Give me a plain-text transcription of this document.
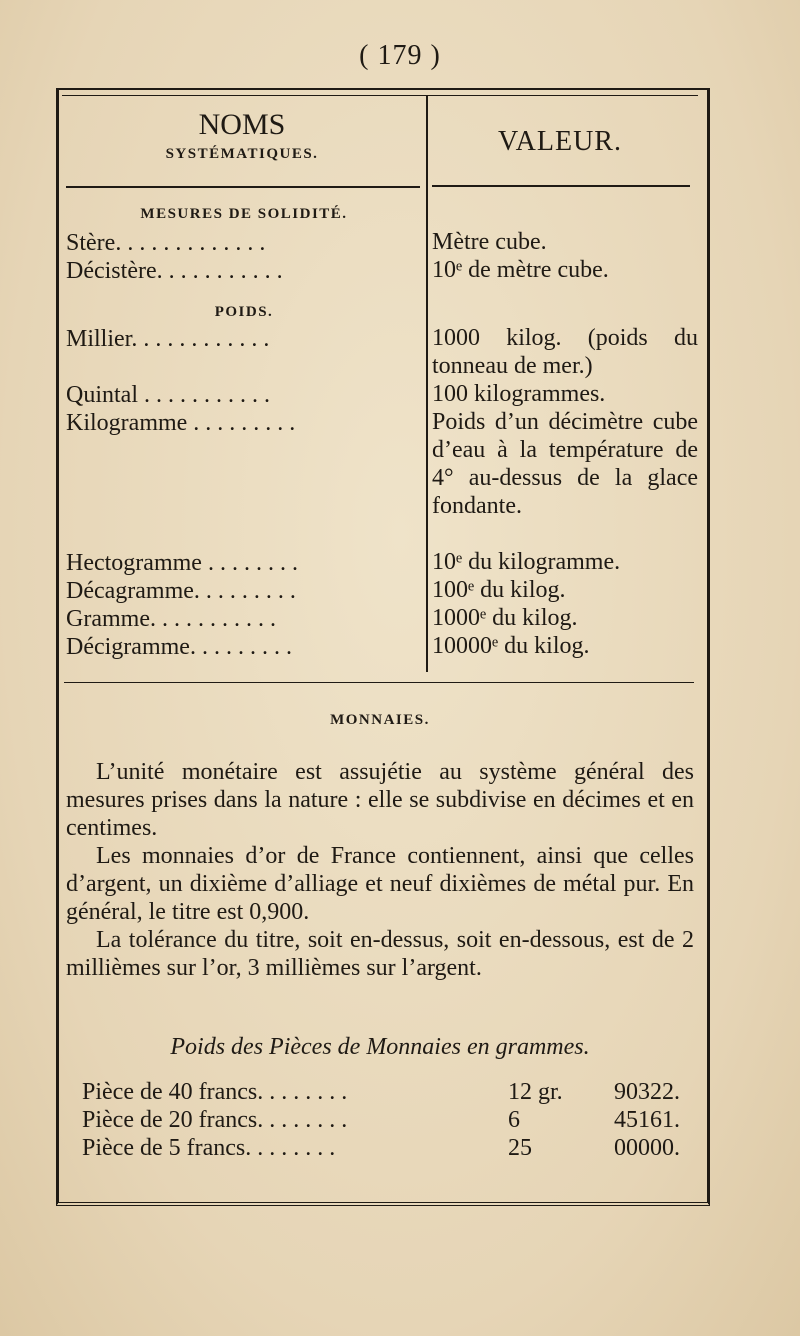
( 179 )
NOMS
SYSTÉMATIQUES.	VALEUR.
MESURES DE SOLIDITÉ.
Stère. . . . . . . . . . . . .	Mètre cube.
Décistère. . . . . . . . . . .	10ᵉ de mètre cube.
POIDS.
Millier. . . . . . . . . . . .	1000 kilog. (poids du tonneau de mer.)
Quintal . . . . . . . . . . .	100 kilogrammes.
Kilogramme . . . . . . . . .	Poids d’un décimètre cube d’eau à la température de 4° au-dessus de la glace fondante.
Hectogramme . . . . . . . .	10ᵉ du kilogramme.
Décagramme. . . . . . . . .	100ᵉ du kilog.
Gramme. . . . . . . . . . .	1000ᵉ du kilog.
Décigramme. . . . . . . . .	10000ᵉ du kilog.
MONNAIES.
L’unité monétaire est assujétie au système général des mesures prises dans la nature : elle se subdivise en décimes et en centimes.
Les monnaies d’or de France contiennent, ainsi que celles d’argent, un dixième d’alliage et neuf dixièmes de métal pur. En général, le titre est 0,900.
La tolérance du titre, soit en-dessus, soit en-dessous, est de 2 millièmes sur l’or, 3 millièmes sur l’argent.
Poids des Pièces de Monnaies en grammes.
Pièce de 40 francs. . . . . . . .	12 gr.	90322.
Pièce de 20 francs. . . . . . . .	6	45161.
Pièce de 5 francs. . . . . . . .	25	00000.
